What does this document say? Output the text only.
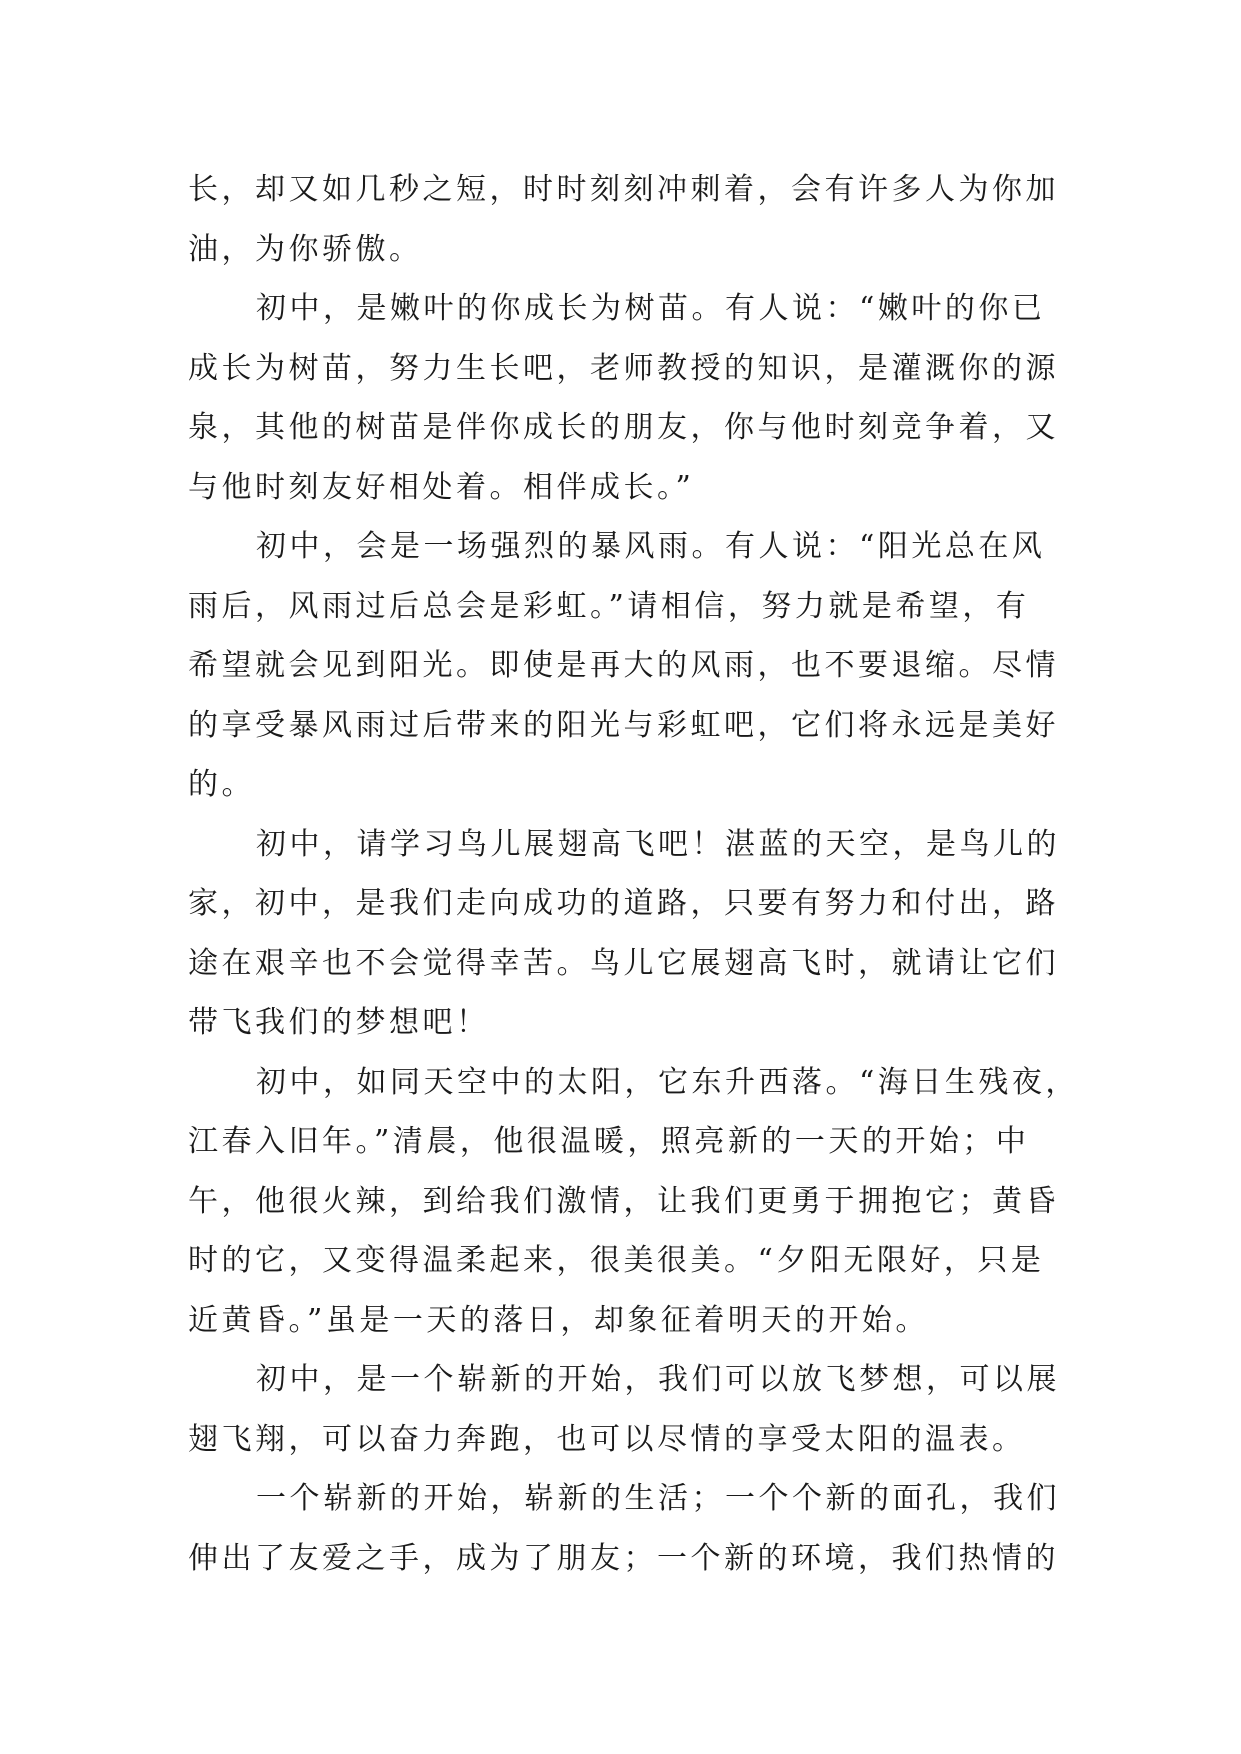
长，却又如几秒之短，时时刻刻冲刺着，会有许多人为你加
油，为你骄傲。
初中，是嫩叶的你成长为树苗。有人说：“嫩叶的你已
成长为树苗，努力生长吧，老师教授的知识，是灌溉你的源
泉，其他的树苗是伴你成长的朋友，你与他时刻竞争着，又
与他时刻友好相处着。相伴成长。”
初中，会是一场强烈的暴风雨。有人说：“阳光总在风
雨后，风雨过后总会是彩虹。”请相信，努力就是希望，有
希望就会见到阳光。即使是再大的风雨，也不要退缩。尽情
的享受暴风雨过后带来的阳光与彩虹吧，它们将永远是美好
的。
初中，请学习鸟儿展翅高飞吧！湛蓝的天空，是鸟儿的
家，初中，是我们走向成功的道路，只要有努力和付出，路
途在艰辛也不会觉得幸苦。鸟儿它展翅高飞时，就请让它们
带飞我们的梦想吧！
初中，如同天空中的太阳，它东升西落。“海日生残夜，
江春入旧年。”清晨，他很温暖，照亮新的一天的开始；中
午，他很火辣，到给我们激情，让我们更勇于拥抱它；黄昏
时的它，又变得温柔起来，很美很美。“夕阳无限好，只是
近黄昏。”虽是一天的落日，却象征着明天的开始。
初中，是一个崭新的开始，我们可以放飞梦想，可以展
翅飞翔，可以奋力奔跑，也可以尽情的享受太阳的温表。
一个崭新的开始，崭新的生活；一个个新的面孔，我们
伸出了友爱之手，成为了朋友；一个新的环境，我们热情的
